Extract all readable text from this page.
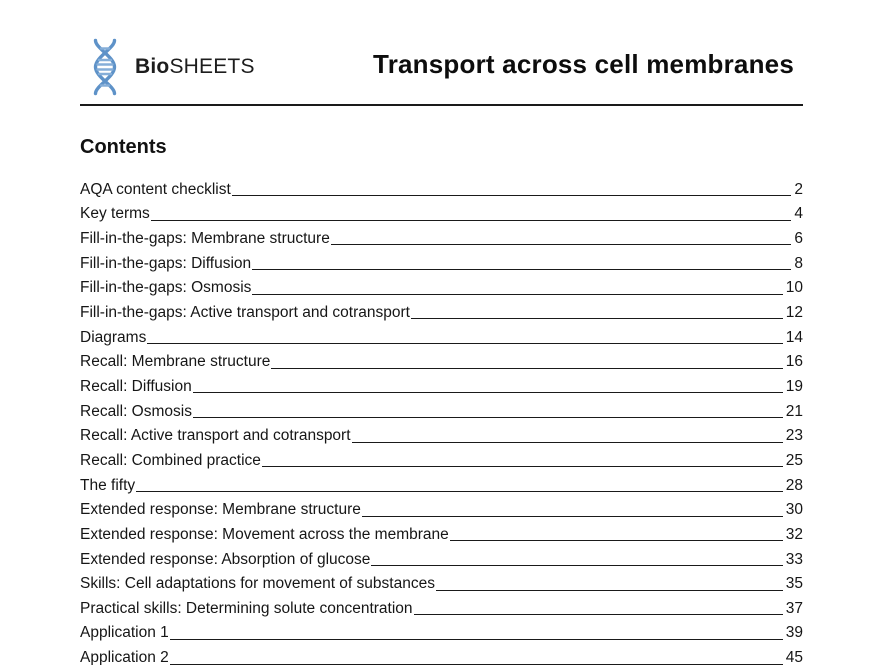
BioSHEETS	Transport across cell membranes
Contents
AQA content checklist	2
Key terms	4
Fill-in-the-gaps: Membrane structure	6
Fill-in-the-gaps: Diffusion	8
Fill-in-the-gaps: Osmosis	10
Fill-in-the-gaps: Active transport and cotransport	12
Diagrams	14
Recall: Membrane structure	16
Recall: Diffusion	19
Recall: Osmosis	21
Recall: Active transport and cotransport	23
Recall: Combined practice	25
The fifty	28
Extended response: Membrane structure	30
Extended response: Movement across the membrane	32
Extended response: Absorption of glucose	33
Skills: Cell adaptations for movement of substances	35
Practical skills: Determining solute concentration	37
Application 1	39
Application 2	45
